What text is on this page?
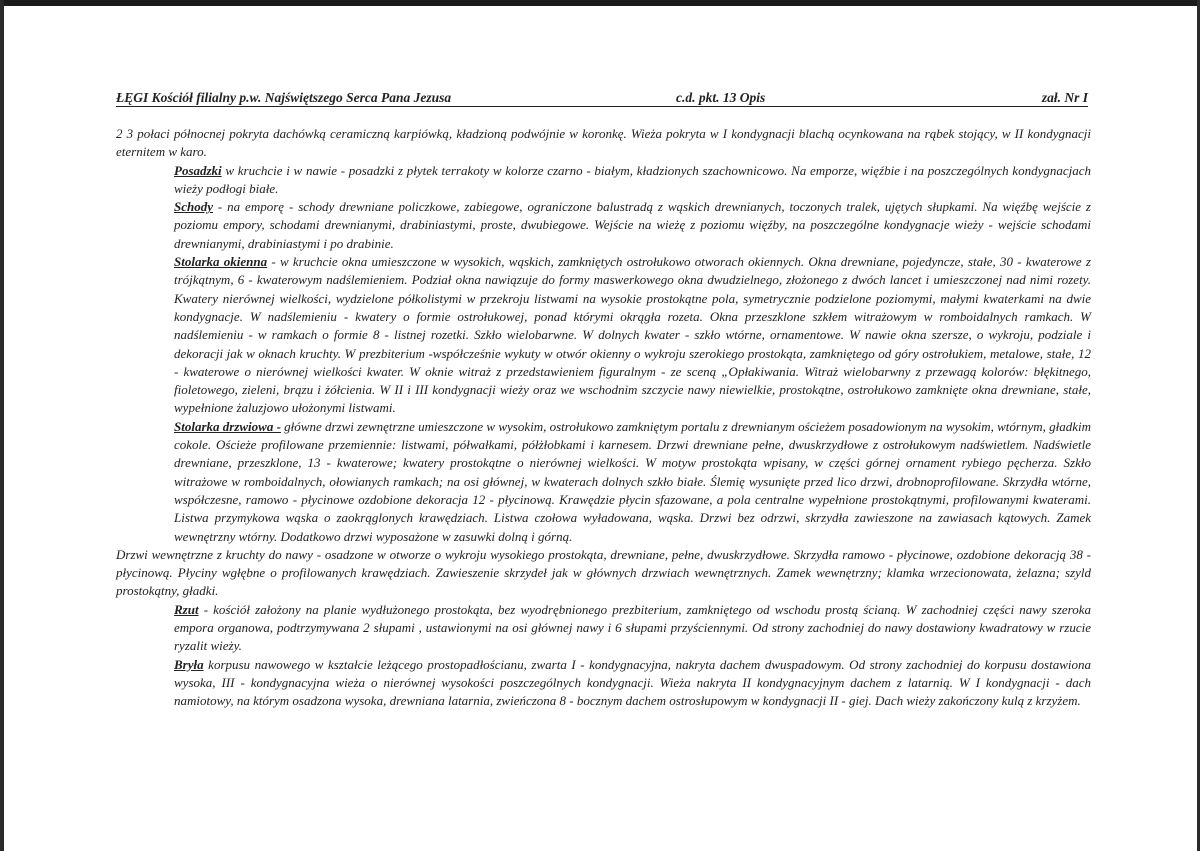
ŁĘGI Kościół filialny p.w. Najświętszego Serca Pana Jezusa	c.d. pkt. 13 Opis	zał. Nr I

2 3 połaci północnej pokryta dachówką ceramiczną karpiówką, kładzioną podwójnie w koronkę. Wieża pokryta w I kondygnacji blachą ocynkowana na rąbek stojący, w II kondygnacji eternitem w karo.

Posadzki w kruchcie i w nawie - posadzki z płytek terrakoty w kolorze czarno - białym, kładzionych szachownicowo. Na emporze, więźbie i na poszczególnych kondygnacjach wieży podłogi białe.

Schody - na emporę - schody drewniane policzkowe, zabiegowe, ograniczone balustradą z wąskich drewnianych, toczonych tralek, ujętych słupkami. Na więźbę wejście z poziomu empory, schodami drewnianymi, drabiniastymi, proste, dwubiegowe. Wejście na wieżę z poziomu więźby, na poszczególne kondygnacje wieży - wejście schodami drewnianymi, drabiniastymi i po drabinie.

Stolarka okienna - w kruchcie okna umieszczone w wysokich, wąskich, zamkniętych ostrołukowo otworach okiennych. Okna drewniane, pojedyncze, stałe, 30 - kwaterowe z trójkątnym, 6 - kwaterowym nadślemieniem. Podział okna nawiązuje do formy maswerkowego okna dwudzielnego, złożonego z dwóch lancet i umieszczonej nad nimi rozety. Kwatery nierównej wielkości, wydzielone półkolistymi w przekroju listwami na wysokie prostokątne pola, symetrycznie podzielone poziomymi, małymi kwaterkami na dwie kondygnacje. W nadślemieniu - kwatery o formie ostrołukowej, ponad którymi okrągła rozeta. Okna przeszklone szkłem witrażowym w romboidalnych ramkach. W nadślemieniu - w ramkach o formie 8 - listnej rozetki. Szkło wielobarwne. W dolnych kwater - szkło wtórne, ornamentowe. W nawie okna szersze, o wykroju, podziale i dekoracji jak w oknach kruchty. W prezbiterium -współcześnie wykuty w otwór okienny o wykroju szerokiego prostokąta, zamkniętego od góry ostrołukiem, metalowe, stałe, 12 - kwaterowe o nierównej wielkości kwater. W oknie witraż z przedstawieniem figuralnym - ze sceną „Opłakiwania. Witraż wielobarwny z przewagą kolorów: błękitnego, fioletowego, zieleni, brązu i żółcienia. W II i III kondygnacji wieży oraz we wschodnim szczycie nawy niewielkie, prostokątne, ostrołukowo zamknięte okna drewniane, stałe, wypełnione żaluzjowo ułożonymi listwami.

Stolarka drzwiowa - główne drzwi zewnętrzne umieszczone w wysokim, ostrołukowo zamkniętym portalu z drewnianym ościeżem posadowionym na wysokim, wtórnym, gładkim cokole. Ościeże profilowane przemiennie: listwami, półwałkami, półżłobkami i karnesem. Drzwi drewniane pełne, dwuskrzydłowe z ostrołukowym nadświetlem. Nadświetle drewniane, przeszklone, 13 - kwaterowe; kwatery prostokątne o nierównej wielkości. W motyw prostokąta wpisany, w części górnej ornament rybiego pęcherza. Szkło witrażowe w romboidalnych, ołowianych ramkach; na osi głównej, w kwaterach dolnych szkło białe. Ślemię wysunięte przed lico drzwi, drobnoprofilowane. Skrzydła wtórne, współczesne, ramowo - płycinowe ozdobione dekoracja 12 - płycinową. Krawędzie płycin sfazowane, a pola centralne wypełnione prostokątnymi, profilowanymi kwaterami. Listwa przymykowa wąska o zaokrąglonych krawędziach. Listwa czołowa wyładowana, wąska. Drzwi bez odrzwi, skrzydła zawieszone na zawiasach kątowych. Zamek wewnętrzny wtórny. Dodatkowo drzwi wyposażone w zasuwki dolną i górną.

Drzwi wewnętrzne z kruchty do nawy - osadzone w otworze o wykroju wysokiego prostokąta, drewniane, pełne, dwuskrzydłowe. Skrzydła ramowo - płycinowe, ozdobione dekoracją 38 - płycinową. Płyciny wgłębne o profilowanych krawędziach. Zawieszenie skrzydeł jak w głównych drzwiach wewnętrznych. Zamek wewnętrzny; klamka wrzecionowata, żelazna; szyld prostokątny, gładki.

Rzut - kościół założony na planie wydłużonego prostokąta, bez wyodrębnionego prezbiterium, zamkniętego od wschodu prostą ścianą. W zachodniej części nawy szeroka empora organowa, podtrzymywana 2 słupami , ustawionymi na osi głównej nawy i 6 słupami przyściennymi. Od strony zachodniej do nawy dostawiony kwadratowy w rzucie ryzalit wieży.

Bryła korpusu nawowego w kształcie leżącego prostopadłościanu, zwarta I - kondygnacyjna, nakryta dachem dwuspadowym. Od strony zachodniej do korpusu dostawiona wysoka, III - kondygnacyjna wieża o nierównej wysokości poszczególnych kondygnacji. Wieża nakryta II kondygnacyjnym dachem z latarnią. W I kondygnacji - dach namiotowy, na którym osadzona wysoka, drewniana latarnia, zwieńczona 8 - bocznym dachem ostrosłupowym w kondygnacji II - giej. Dach wieży zakończony kulą z krzyżem.
